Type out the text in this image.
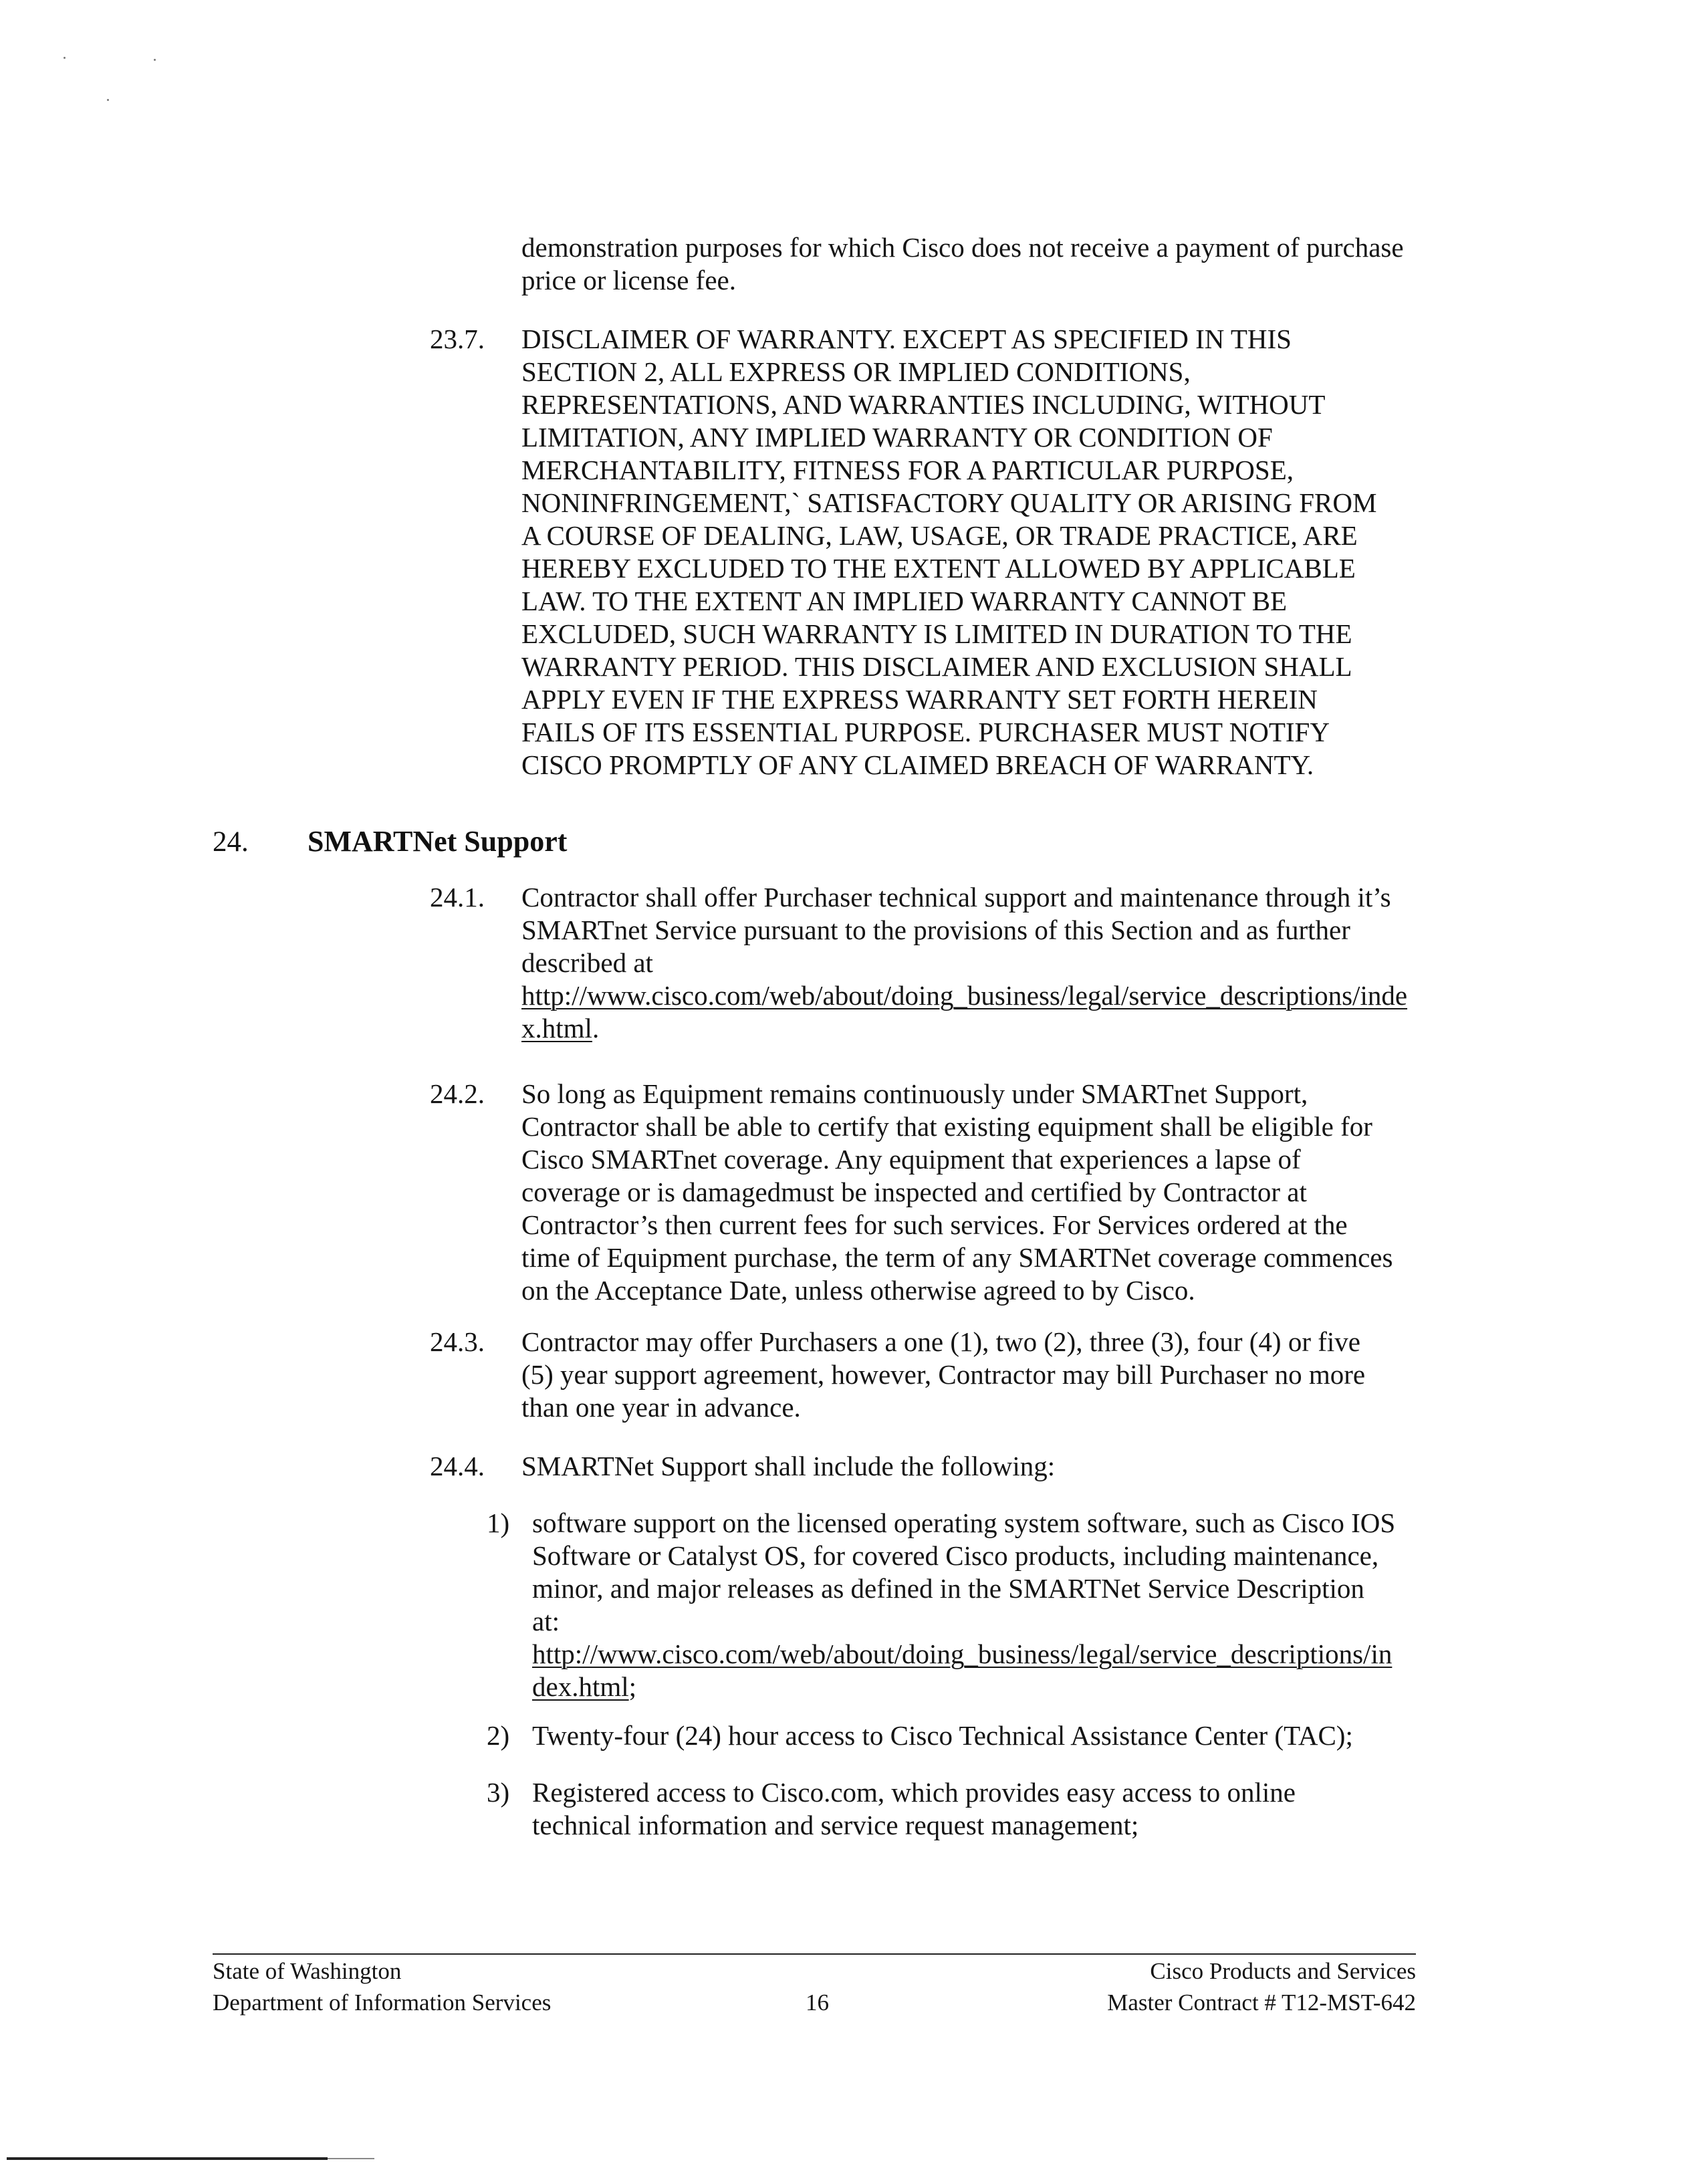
demonstration purposes for which Cisco does not receive a payment of purchase
price or license fee.
23.7. DISCLAIMER OF WARRANTY. EXCEPT AS SPECIFIED IN THIS
SECTION 2, ALL EXPRESS OR IMPLIED CONDITIONS,
REPRESENTATIONS, AND WARRANTIES INCLUDING, WITHOUT
LIMITATION, ANY IMPLIED WARRANTY OR CONDITION OF
MERCHANTABILITY, FITNESS FOR A PARTICULAR PURPOSE,
NONINFRINGEMENT,` SATISFACTORY QUALITY OR ARISING FROM
A COURSE OF DEALING, LAW, USAGE, OR TRADE PRACTICE, ARE
HEREBY EXCLUDED TO THE EXTENT ALLOWED BY APPLICABLE
LAW. TO THE EXTENT AN IMPLIED WARRANTY CANNOT BE
EXCLUDED, SUCH WARRANTY IS LIMITED IN DURATION TO THE
WARRANTY PERIOD. THIS DISCLAIMER AND EXCLUSION SHALL
APPLY EVEN IF THE EXPRESS WARRANTY SET FORTH HEREIN
FAILS OF ITS ESSENTIAL PURPOSE. PURCHASER MUST NOTIFY
CISCO PROMPTLY OF ANY CLAIMED BREACH OF WARRANTY.
24. SMARTNet Support
24.1. Contractor shall offer Purchaser technical support and maintenance through it’s
SMARTnet Service pursuant to the provisions of this Section and as further
described at
http://www.cisco.com/web/about/doing_business/legal/service_descriptions/inde
x.html.
24.2. So long as Equipment remains continuously under SMARTnet Support,
Contractor shall be able to certify that existing equipment shall be eligible for
Cisco SMARTnet coverage. Any equipment that experiences a lapse of
coverage or is damagedmust be inspected and certified by Contractor at
Contractor’s then current fees for such services. For Services ordered at the
time of Equipment purchase, the term of any SMARTNet coverage commences
on the Acceptance Date, unless otherwise agreed to by Cisco.
24.3. Contractor may offer Purchasers a one (1), two (2), three (3), four (4) or five
(5) year support agreement, however, Contractor may bill Purchaser no more
than one year in advance.
24.4. SMARTNet Support shall include the following:
1) software support on the licensed operating system software, such as Cisco IOS
Software or Catalyst OS, for covered Cisco products, including maintenance,
minor, and major releases as defined in the SMARTNet Service Description
at:
http://www.cisco.com/web/about/doing_business/legal/service_descriptions/in
dex.html;
2) Twenty-four (24) hour access to Cisco Technical Assistance Center (TAC);
3) Registered access to Cisco.com, which provides easy access to online
technical information and service request management;
State of Washington
Department of Information Services	16
Cisco Products and Services
Master Contract # T12-MST-642
